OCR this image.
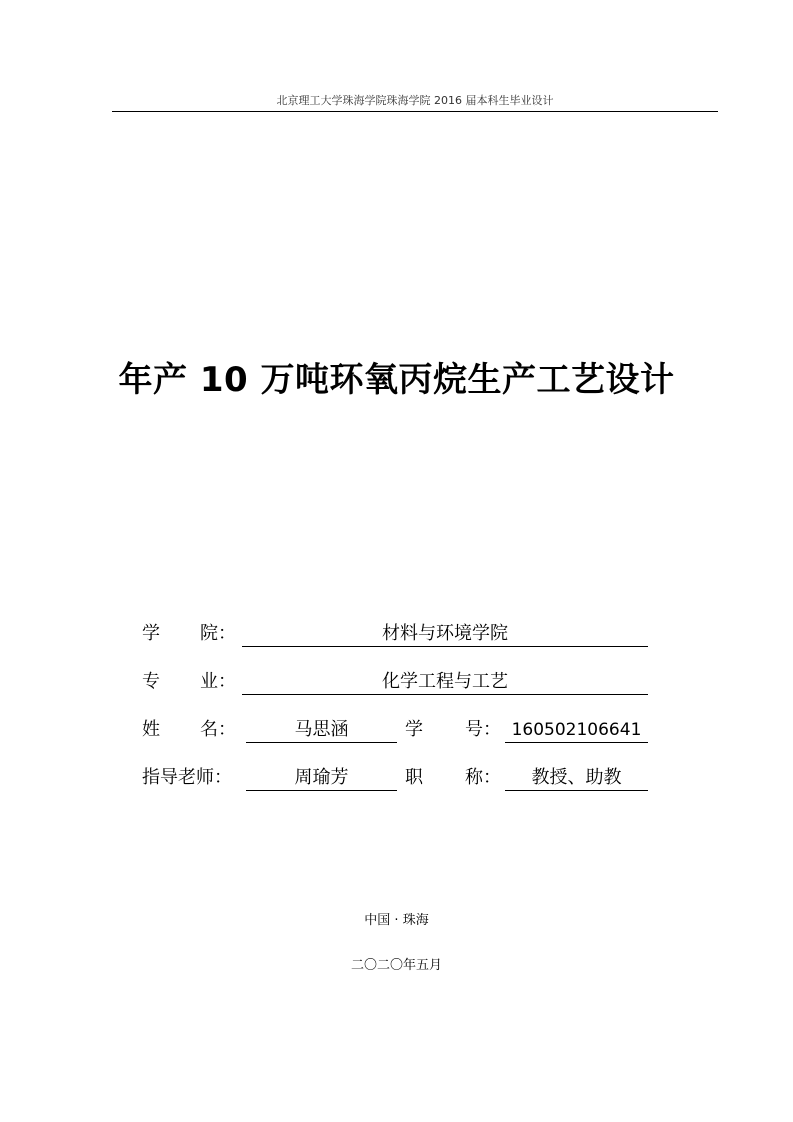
北京理工大学珠海学院珠海学院 2016 届本科生毕业设计
年产 10 万吨环氧丙烷生产工艺设计
学 院：	材料与环境学院
专 业：	化学工程与工艺
姓 名：	马思涵	学 号： 160502106641
指导老师：	周瑜芳	职 称：	教授、助教
中国 · 珠海
二〇二〇年五月
